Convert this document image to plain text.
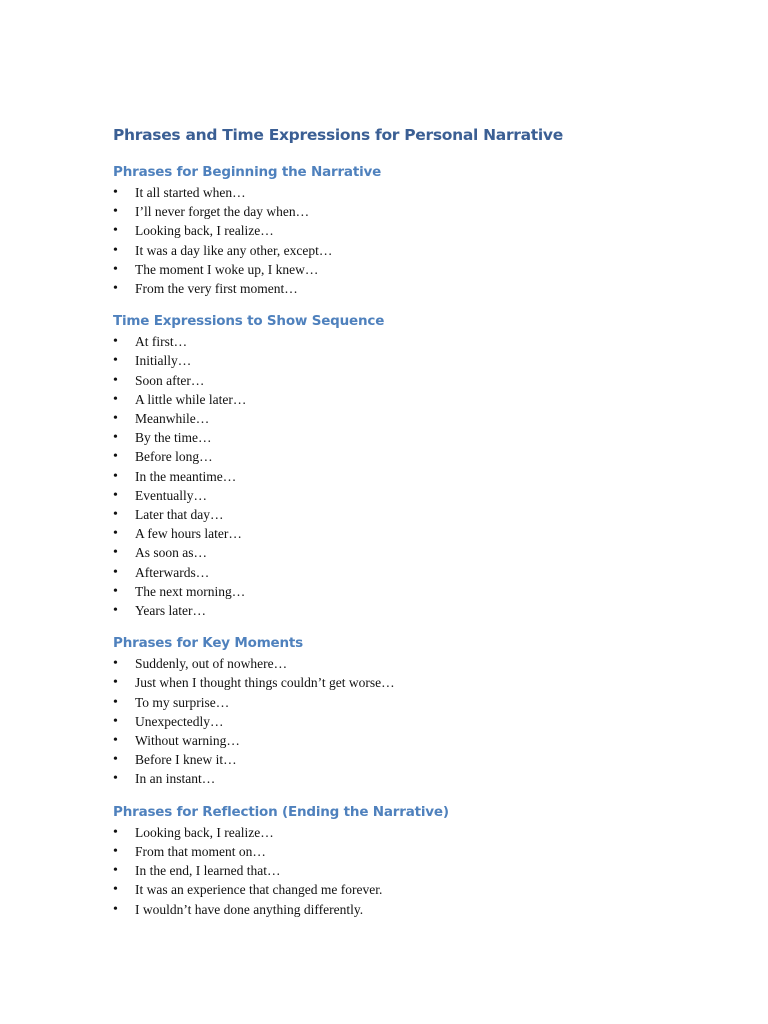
Phrases and Time Expressions for Personal Narrative
Phrases for Beginning the Narrative
• It all started when…
• I’ll never forget the day when…
• Looking back, I realize…
• It was a day like any other, except…
• The moment I woke up, I knew…
• From the very first moment…
Time Expressions to Show Sequence
• At first…
• Initially…
• Soon after…
• A little while later…
• Meanwhile…
• By the time…
• Before long…
• In the meantime…
• Eventually…
• Later that day…
• A few hours later…
• As soon as…
• Afterwards…
• The next morning…
• Years later…
Phrases for Key Moments
• Suddenly, out of nowhere…
• Just when I thought things couldn’t get worse…
• To my surprise…
• Unexpectedly…
• Without warning…
• Before I knew it…
• In an instant…
Phrases for Reflection (Ending the Narrative)
• Looking back, I realize…
• From that moment on…
• In the end, I learned that…
• It was an experience that changed me forever.
• I wouldn’t have done anything differently.
